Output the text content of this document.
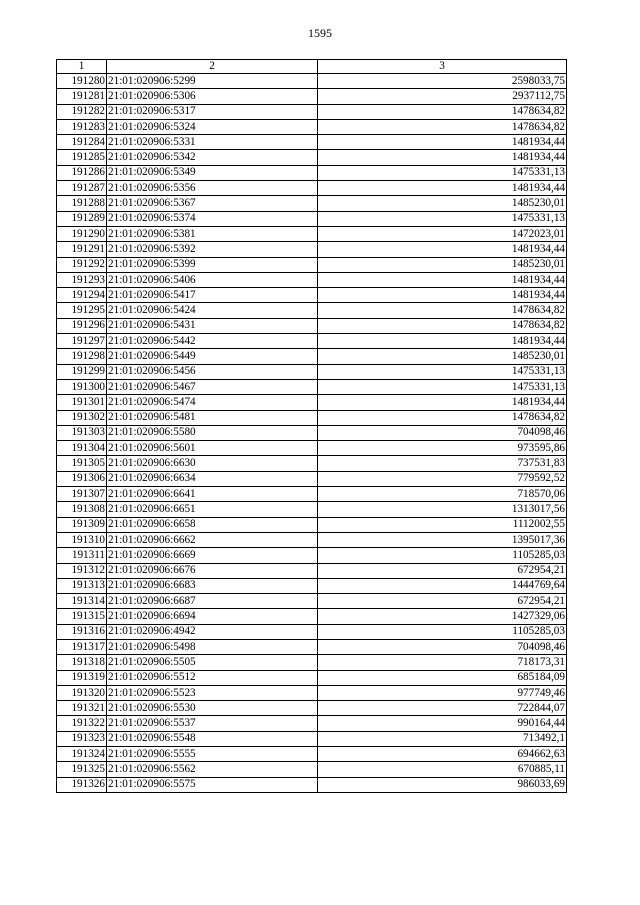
1595
1	2	3
191280	21:01:020906:5299	2598033,75
191281	21:01:020906:5306	2937112,75
191282	21:01:020906:5317	1478634,82
191283	21:01:020906:5324	1478634,82
191284	21:01:020906:5331	1481934,44
191285	21:01:020906:5342	1481934,44
191286	21:01:020906:5349	1475331,13
191287	21:01:020906:5356	1481934,44
191288	21:01:020906:5367	1485230,01
191289	21:01:020906:5374	1475331,13
191290	21:01:020906:5381	1472023,01
191291	21:01:020906:5392	1481934,44
191292	21:01:020906:5399	1485230,01
191293	21:01:020906:5406	1481934,44
191294	21:01:020906:5417	1481934,44
191295	21:01:020906:5424	1478634,82
191296	21:01:020906:5431	1478634,82
191297	21:01:020906:5442	1481934,44
191298	21:01:020906:5449	1485230,01
191299	21:01:020906:5456	1475331,13
191300	21:01:020906:5467	1475331,13
191301	21:01:020906:5474	1481934,44
191302	21:01:020906:5481	1478634,82
191303	21:01:020906:5580	704098,46
191304	21:01:020906:5601	973595,86
191305	21:01:020906:6630	737531,83
191306	21:01:020906:6634	779592,52
191307	21:01:020906:6641	718570,06
191308	21:01:020906:6651	1313017,56
191309	21:01:020906:6658	1112002,55
191310	21:01:020906:6662	1395017,36
191311	21:01:020906:6669	1105285,03
191312	21:01:020906:6676	672954,21
191313	21:01:020906:6683	1444769,64
191314	21:01:020906:6687	672954,21
191315	21:01:020906:6694	1427329,06
191316	21:01:020906:4942	1105285,03
191317	21:01:020906:5498	704098,46
191318	21:01:020906:5505	718173,31
191319	21:01:020906:5512	685184,09
191320	21:01:020906:5523	977749,46
191321	21:01:020906:5530	722844,07
191322	21:01:020906:5537	990164,44
191323	21:01:020906:5548	713492,1
191324	21:01:020906:5555	694662,63
191325	21:01:020906:5562	670885,11
191326	21:01:020906:5575	986033,69
